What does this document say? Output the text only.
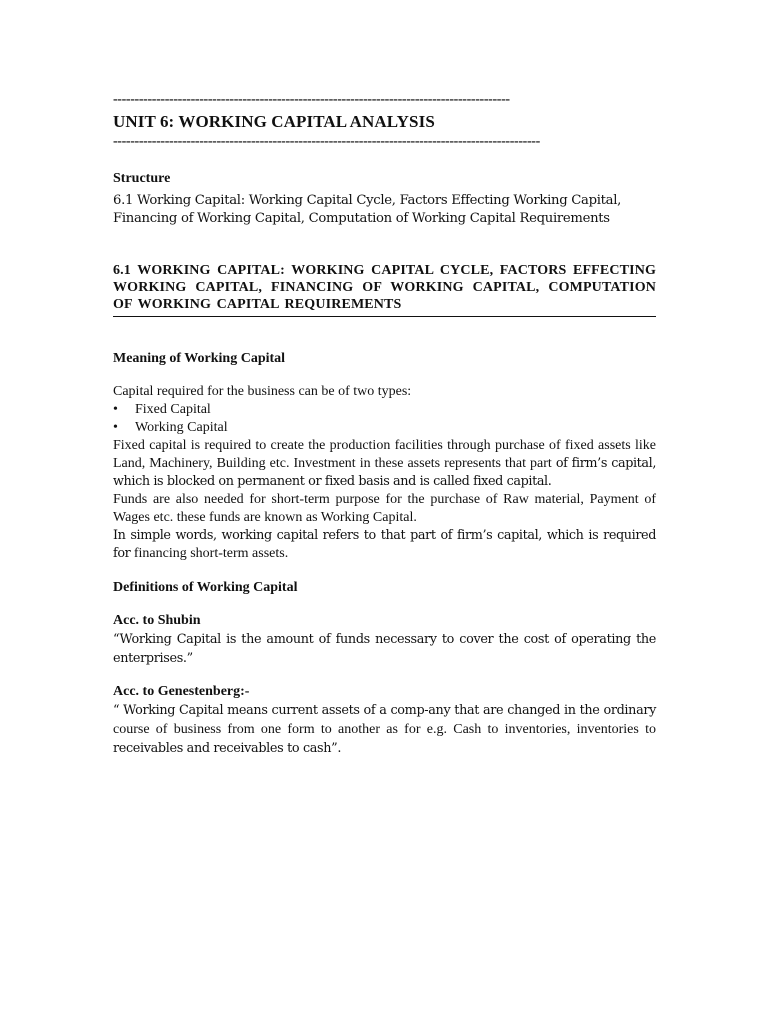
--------------------------------------------------------------------------------------------
UNIT 6: WORKING CAPITAL ANALYSIS
---------------------------------------------------------------------------------------------------
Structure
6.1 Working Capital: Working Capital Cycle, Factors Effecting Working Capital, Financing of Working Capital, Computation of Working Capital Requirements
6.1 WORKING CAPITAL: WORKING CAPITAL CYCLE, FACTORS EFFECTING WORKING CAPITAL, FINANCING OF WORKING CAPITAL, COMPUTATION OF WORKING CAPITAL REQUIREMENTS
Meaning of Working Capital
Capital required for the business can be of two types:
• Fixed Capital
• Working Capital
Fixed capital is required to create the production facilities through purchase of fixed assets like Land, Machinery, Building etc. Investment in these assets represents that part of firm’s capital, which is blocked on permanent or fixed basis and is called fixed capital.
Funds are also needed for short-term purpose for the purchase of Raw material, Payment of Wages etc. these funds are known as Working Capital.
In simple words, working capital refers to that part of firm’s capital, which is required for financing short-term assets.
Definitions of Working Capital
Acc. to Shubin
“Working Capital is the amount of funds necessary to cover the cost of operating the enterprises.”
Acc. to Genestenberg:-
“ Working Capital means current assets of a comp-any that are changed in the ordinary course of business from one form to another as for e.g. Cash to inventories, inventories to receivables and receivables to cash”.
